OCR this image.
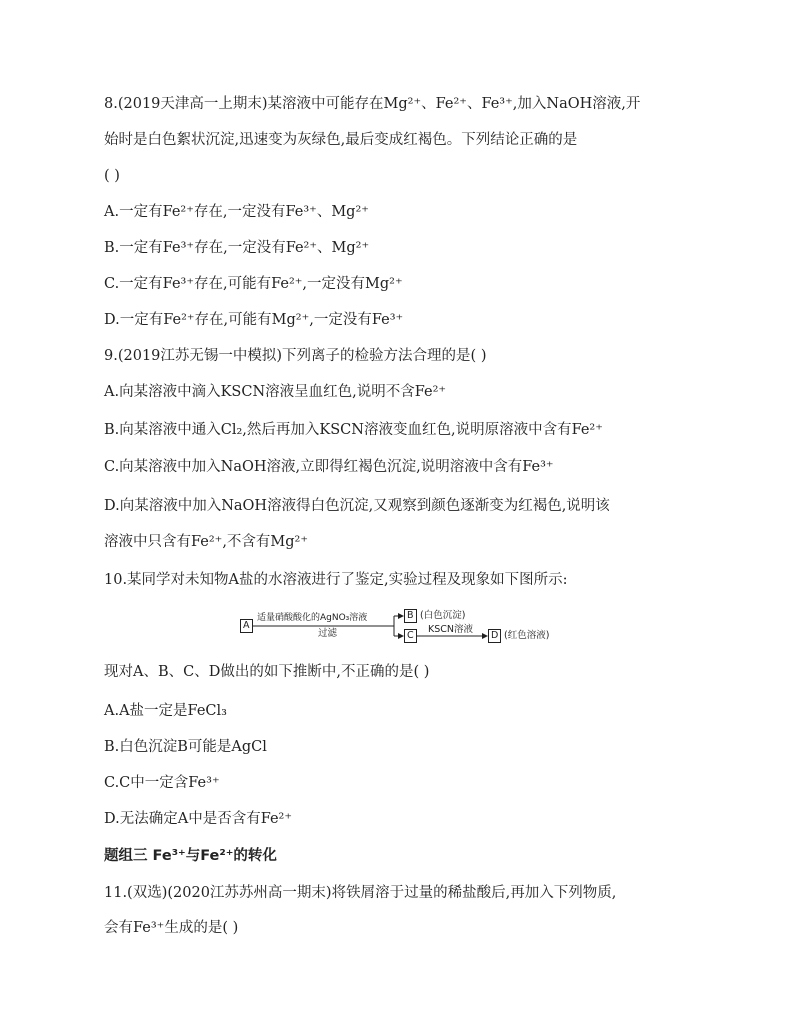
8.(2019天津高一上期末)某溶液中可能存在Mg²⁺、Fe²⁺、Fe³⁺,加入NaOH溶液,开
始时是白色絮状沉淀,迅速变为灰绿色,最后变成红褐色。下列结论正确的是
( )
A.一定有Fe²⁺存在,一定没有Fe³⁺、Mg²⁺
B.一定有Fe³⁺存在,一定没有Fe²⁺、Mg²⁺
C.一定有Fe³⁺存在,可能有Fe²⁺,一定没有Mg²⁺
D.一定有Fe²⁺存在,可能有Mg²⁺,一定没有Fe³⁺
9.(2019江苏无锡一中模拟)下列离子的检验方法合理的是( )
A.向某溶液中滴入KSCN溶液呈血红色,说明不含Fe²⁺
B.向某溶液中通入Cl₂,然后再加入KSCN溶液变血红色,说明原溶液中含有Fe²⁺
C.向某溶液中加入NaOH溶液,立即得红褐色沉淀,说明溶液中含有Fe³⁺
D.向某溶液中加入NaOH溶液得白色沉淀,又观察到颜色逐渐变为红褐色,说明该
溶液中只含有Fe²⁺,不含有Mg²⁺
10.某同学对未知物A盐的水溶液进行了鉴定,实验过程及现象如下图所示:
A
B
C	D
适量硝酸酸化的AgNO₃溶液
过滤
(白色沉淀)
KSCN溶液
(红色溶液)
现对A、B、C、D做出的如下推断中,不正确的是( )
A.A盐一定是FeCl₃
B.白色沉淀B可能是AgCl
C.C中一定含Fe³⁺
D.无法确定A中是否含有Fe²⁺
题组三 Fe³⁺与Fe²⁺的转化
11.(双选)(2020江苏苏州高一期末)将铁屑溶于过量的稀盐酸后,再加入下列物质,
会有Fe³⁺生成的是( )
